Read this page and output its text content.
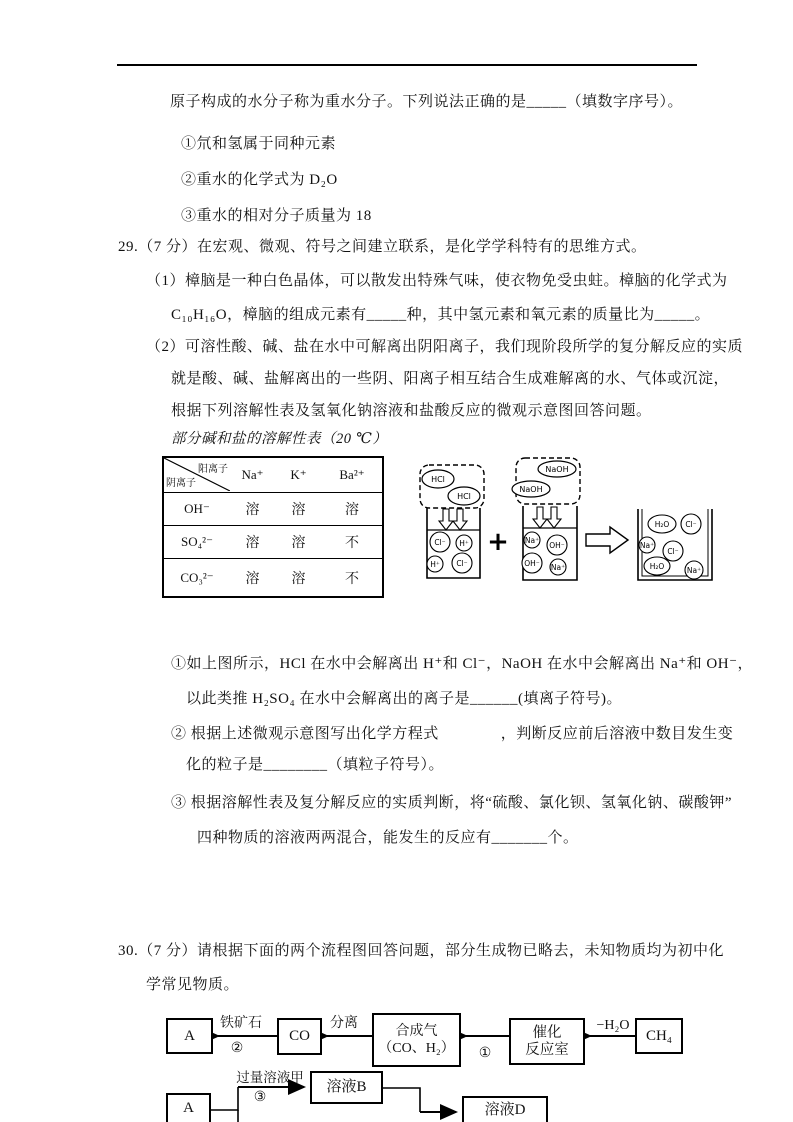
原子构成的水分子称为重水分子。下列说法正确的是_____（填数字序号）。
①氘和氢属于同种元素
②重水的化学式为 D₂O
③重水的相对分子质量为 18
29.（7 分）在宏观、微观、符号之间建立联系，是化学学科特有的思维方式。
（1）樟脑是一种白色晶体，可以散发出特殊气味，使衣物免受虫蛀。樟脑的化学式为
C₁₀H₁₆O，樟脑的组成元素有_____种，其中氢元素和氧元素的质量比为_____。
（2）可溶性酸、碱、盐在水中可解离出阴阳离子，我们现阶段所学的复分解反应的实质
就是酸、碱、盐解离出的一些阴、阳离子相互结合生成难解离的水、气体或沉淀，
根据下列溶解性表及氢氧化钠溶液和盐酸反应的微观示意图回答问题。
部分碱和盐的溶解性表（20 ℃）
阳离子
阴离子
Na⁺	K⁺	Ba²⁺
OH⁻	溶	溶	溶
SO₄²⁻	溶	溶	不
CO₃²⁻	溶	溶	不
HCl
HCl
Cl⁻ H⁺
H⁺ Cl⁻
+
NaOH
NaOH
Na⁺
OH⁻
OH⁻ Na⁺
H₂O Cl⁻
Na⁺
Cl⁻
H₂O	Na⁺
①如上图所示，HCl 在水中会解离出 H⁺和 Cl⁻，NaOH 在水中会解离出 Na⁺和 OH⁻，
以此类推 H₂SO₄ 在水中会解离出的离子是______(填离子符号)。
② 根据上述微观示意图写出化学方程式　　　　，判断反应前后溶液中数目发生变
化的粒子是________（填粒子符号）。
③ 根据溶解性表及复分解反应的实质判断，将“硫酸、氯化钡、氢氧化钠、碳酸钾”
四种物质的溶液两两混合，能发生的反应有_______个。
30.（7 分）请根据下面的两个流程图回答问题，部分生成物已略去，未知物质均为初中化
学常见物质。
A	CO	合成气
（CO、H₂）
催化
反应室
CH₄
A
溶液B
溶液D
铁矿石
②
分离
①
−H₂O
过量溶液甲
③
